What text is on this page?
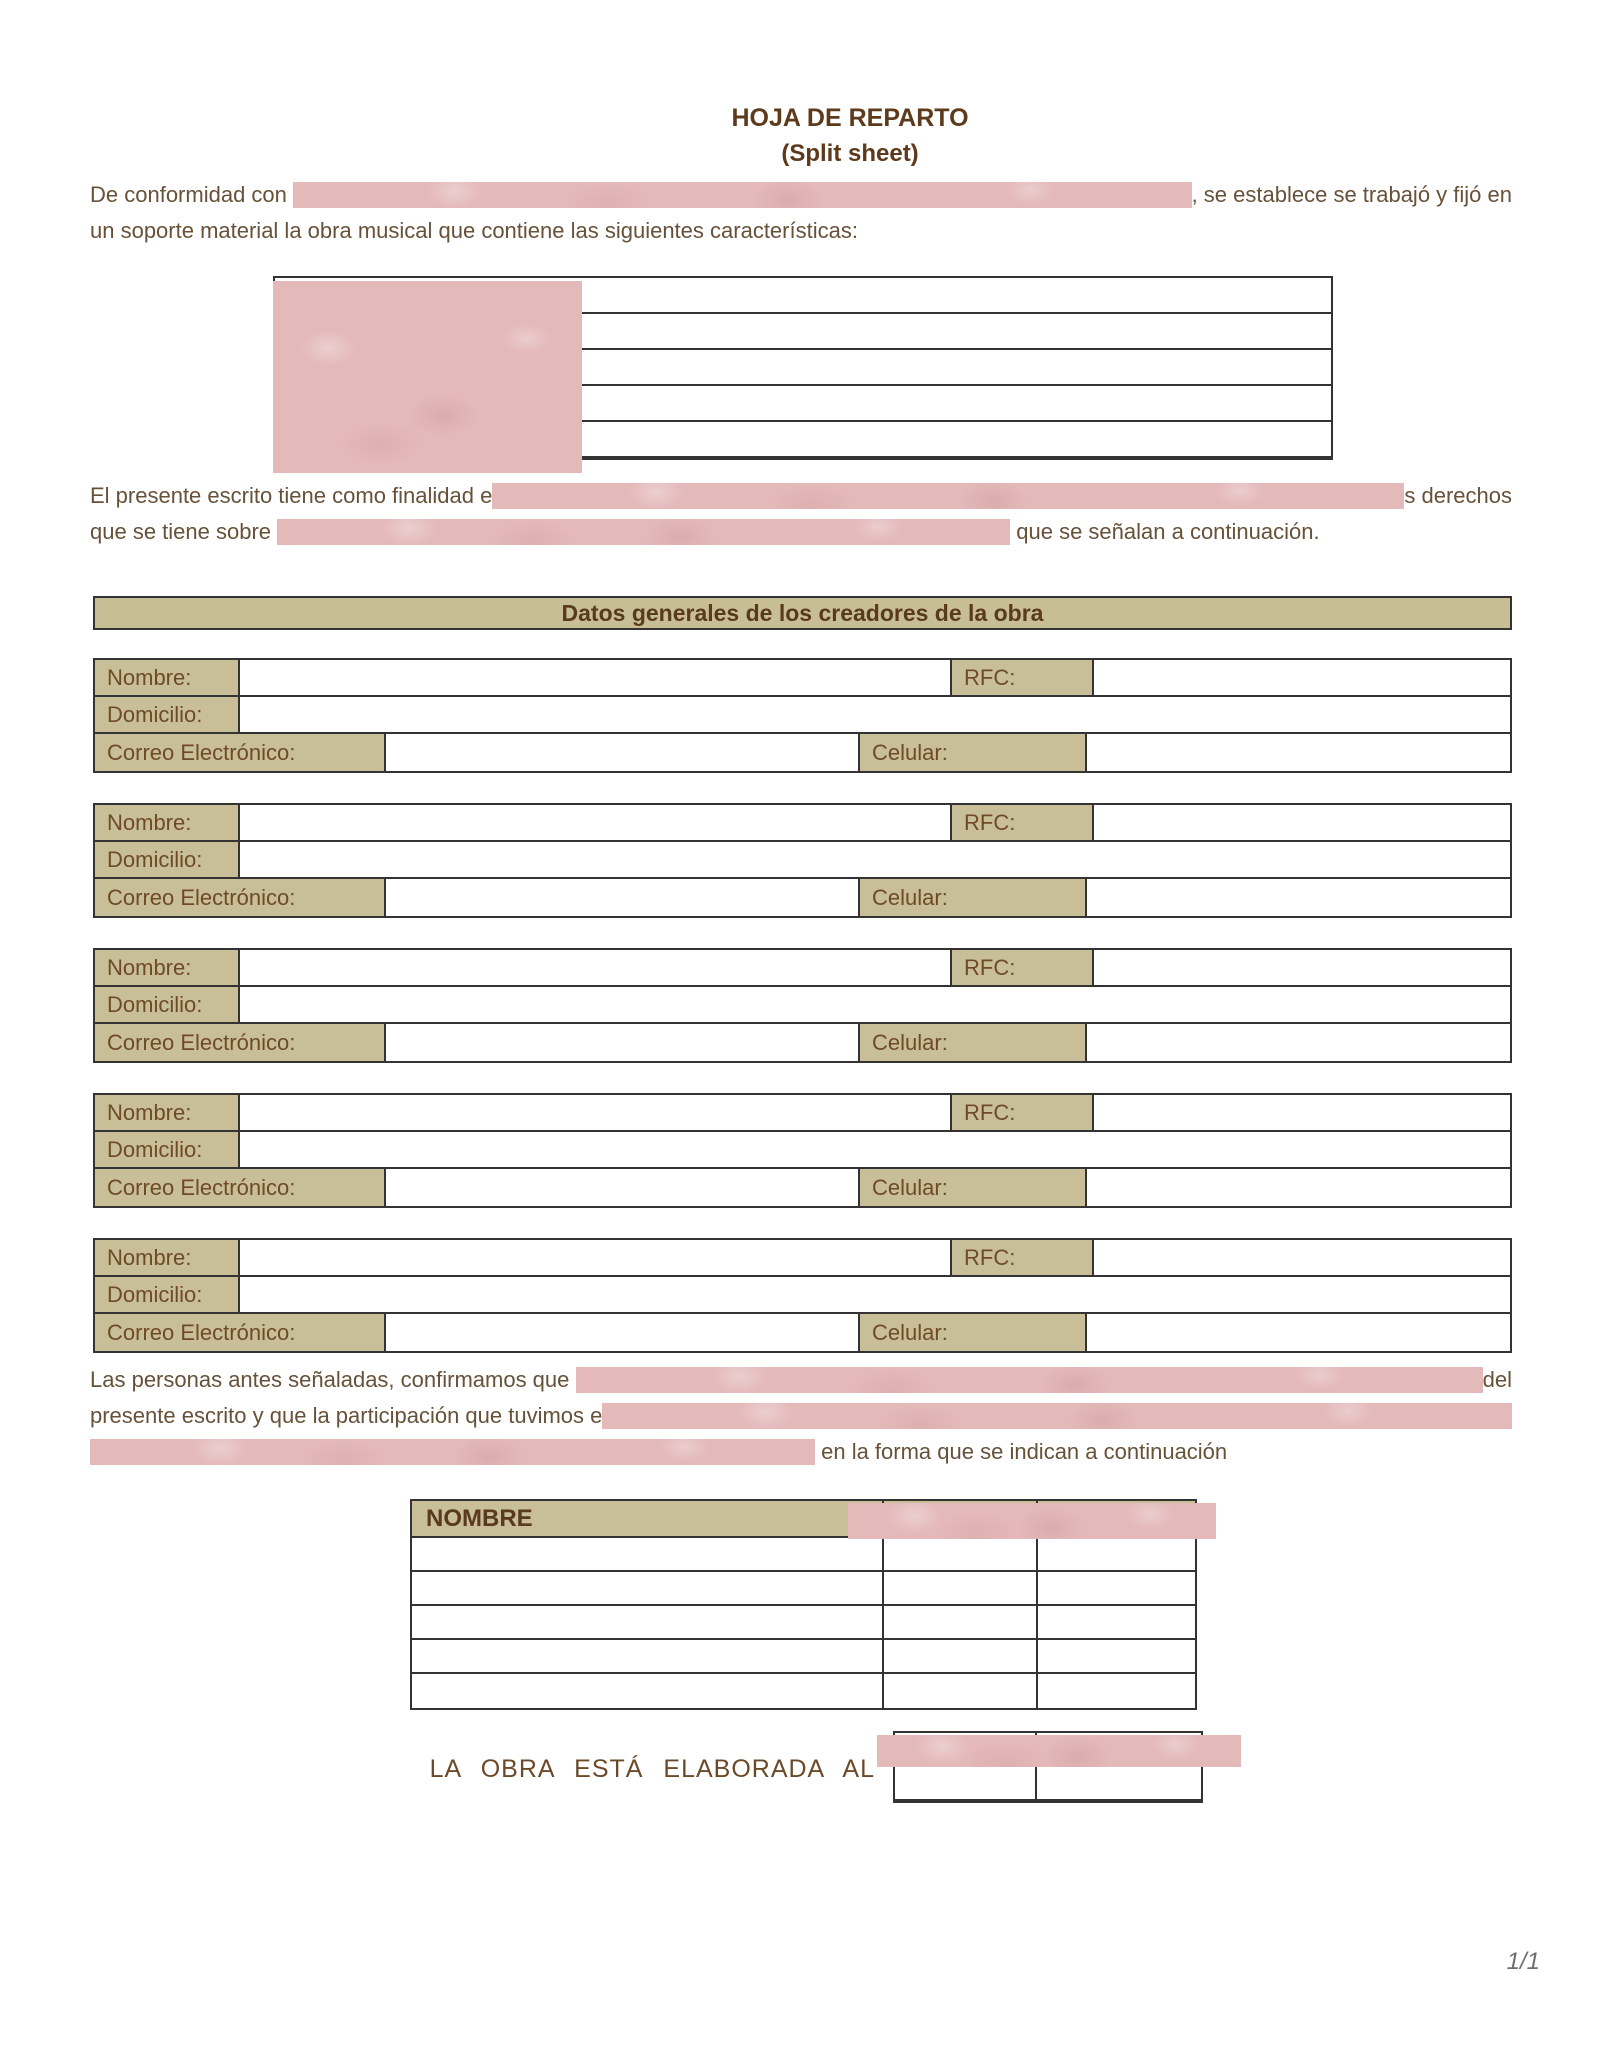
HOJA DE REPARTO
(Split sheet)
De conformidad con	, se establece se trabajó y fijó en
un soporte material la obra musical que contiene las siguientes características:
El presente escrito tiene como finalidad e	s derechos
que se tiene sobre	que se señalan a continuación.
Datos generales de los creadores de la obra
Nombre:	RFC:
Domicilio:
Correo Electrónico:	Celular:
Nombre:	RFC:
Domicilio:
Correo Electrónico:	Celular:
Nombre:	RFC:
Domicilio:
Correo Electrónico:	Celular:
Nombre:	RFC:
Domicilio:
Correo Electrónico:	Celular:
Nombre:	RFC:
Domicilio:
Correo Electrónico:	Celular:
Las personas antes señaladas, confirmamos que	del
presente escrito y que la participación que tuvimos e
en la forma que se indican a continuación
NOMBRE
LA OBRA ESTÁ ELABORADA AL
1/1
